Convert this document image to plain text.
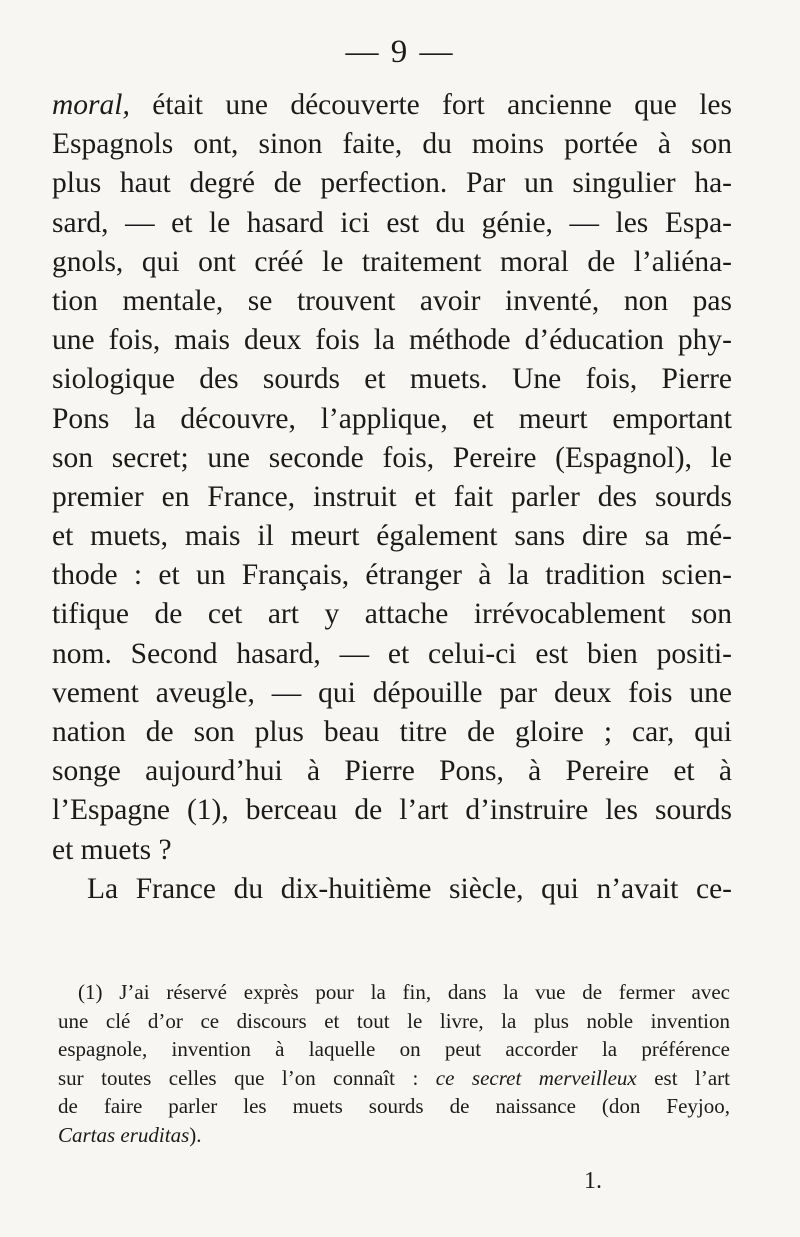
— 9 —
moral, était une découverte fort ancienne que les
Espagnols ont, sinon faite, du moins portée à son
plus haut degré de perfection. Par un singulier ha-
sard, — et le hasard ici est du génie, — les Espa-
gnols, qui ont créé le traitement moral de l’aliéna-
tion mentale, se trouvent avoir inventé, non pas
une fois, mais deux fois la méthode d’éducation phy-
siologique des sourds et muets. Une fois, Pierre
Pons la découvre, l’applique, et meurt emportant
son secret; une seconde fois, Pereire (Espagnol), le
premier en France, instruit et fait parler des sourds
et muets, mais il meurt également sans dire sa mé-
thode : et un Français, étranger à la tradition scien-
tifique de cet art y attache irrévocablement son
nom. Second hasard, — et celui-ci est bien positi-
vement aveugle, — qui dépouille par deux fois une
nation de son plus beau titre de gloire ; car, qui
songe aujourd’hui à Pierre Pons, à Pereire et à
l’Espagne (1), berceau de l’art d’instruire les sourds
et muets ?
La France du dix-huitième siècle, qui n’avait ce-
(1) J’ai réservé exprès pour la fin, dans la vue de fermer avec
une clé d’or ce discours et tout le livre, la plus noble invention
espagnole, invention à laquelle on peut accorder la préférence
sur toutes celles que l’on connaît : ce secret merveilleux est l’art
de faire parler les muets sourds de naissance (don Feyjoo,
Cartas eruditas).
1.
